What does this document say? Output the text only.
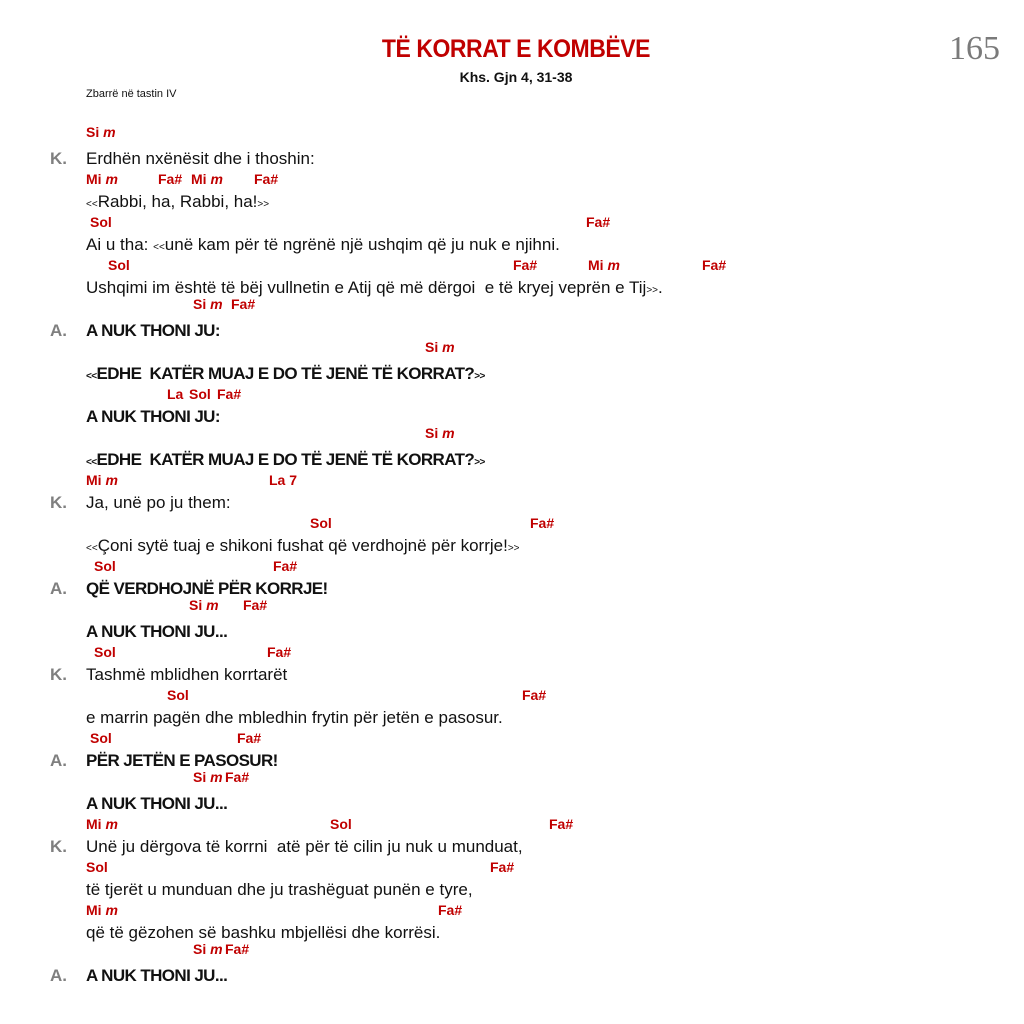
165
TË KORRAT E KOMBËVE
Khs. Gjn 4, 31-38
Zbarrë në tastin IV
Si m
K. Erdhën nxënësit dhe i thoshin:
Mi m	Fa# Mi m Fa#
<<Rabbi, ha, Rabbi, ha!>>
Sol	Fa#
Ai u tha: <<unë kam për të ngrënë një ushqim që ju nuk e njihni.
Sol	Fa#	Mi m	Fa#
Ushqimi im është të bëj vullnetin e Atij që më dërgoi  e të kryej veprën e Tij>>.
Si m Fa#
A. A NUK THONI JU:
Si m
<<EDHE  KATËR MUAJ E DO TË JENË TË KORRAT?>>
La Sol Fa#
A NUK THONI JU:
Si m
<<EDHE  KATËR MUAJ E DO TË JENË TË KORRAT?>>
Mi m	La 7
K. Ja, unë po ju them:
Sol	Fa#
<<Çoni sytë tuaj e shikoni fushat që verdhojnë për korrje!>>
Sol	Fa#
A. QË VERDHOJNË PËR KORRJE!
Si m Fa#
A NUK THONI JU...
Sol	Fa#
K. Tashmë mblidhen korrtarët
Sol	Fa#
e marrin pagën dhe mbledhin frytin për jetën e pasosur.
Sol	Fa#
A. PËR JETËN E PASOSUR!
Si m Fa#
A NUK THONI JU...
Mi m	Sol	Fa#
K. Unë ju dërgova të korrni  atë për të cilin ju nuk u munduat,
Sol	Fa#
të tjerët u munduan dhe ju trashëguat punën e tyre,
Mi m	Fa#
që të gëzohen së bashku mbjellësi dhe korrësi.
Si m Fa#
A. A NUK THONI JU...
